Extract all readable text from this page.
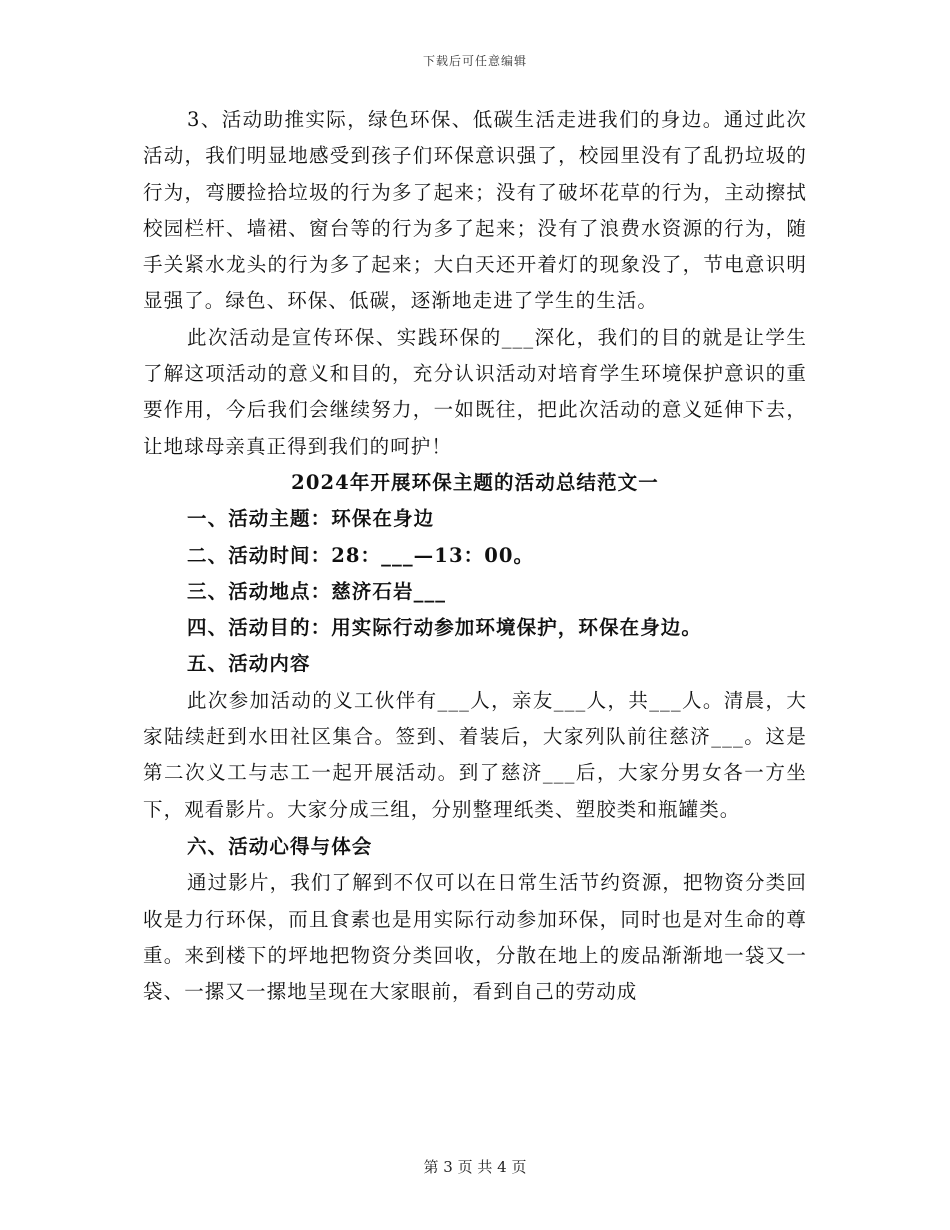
下载后可任意编辑

3、活动助推实际，绿色环保、低碳生活走进我们的身边。通过此次活动，我们明显地感受到孩子们环保意识强了，校园里没有了乱扔垃圾的行为，弯腰捡拾垃圾的行为多了起来；没有了破坏花草的行为，主动擦拭校园栏杆、墙裙、窗台等的行为多了起来；没有了浪费水资源的行为，随手关紧水龙头的行为多了起来；大白天还开着灯的现象没了，节电意识明显强了。绿色、环保、低碳，逐渐地走进了学生的生活。

此次活动是宣传环保、实践环保的___深化，我们的目的就是让学生了解这项活动的意义和目的，充分认识活动对培育学生环境保护意识的重要作用，今后我们会继续努力，一如既往，把此次活动的意义延伸下去，让地球母亲真正得到我们的呵护！

2024年开展环保主题的活动总结范文一

一、活动主题：环保在身边

二、活动时间：28：___—13：00。

三、活动地点：慈济石岩___

四、活动目的：用实际行动参加环境保护，环保在身边。

五、活动内容

此次参加活动的义工伙伴有___人，亲友___人，共___人。清晨，大家陆续赶到水田社区集合。签到、着装后，大家列队前往慈济___。这是第二次义工与志工一起开展活动。到了慈济___后，大家分男女各一方坐下，观看影片。大家分成三组，分别整理纸类、塑胶类和瓶罐类。

六、活动心得与体会

通过影片，我们了解到不仅可以在日常生活节约资源，把物资分类回收是力行环保，而且食素也是用实际行动参加环保，同时也是对生命的尊重。来到楼下的坪地把物资分类回收，分散在地上的废品渐渐地一袋又一袋、一摞又一摞地呈现在大家眼前，看到自己的劳动成

第 3 页 共 4 页
